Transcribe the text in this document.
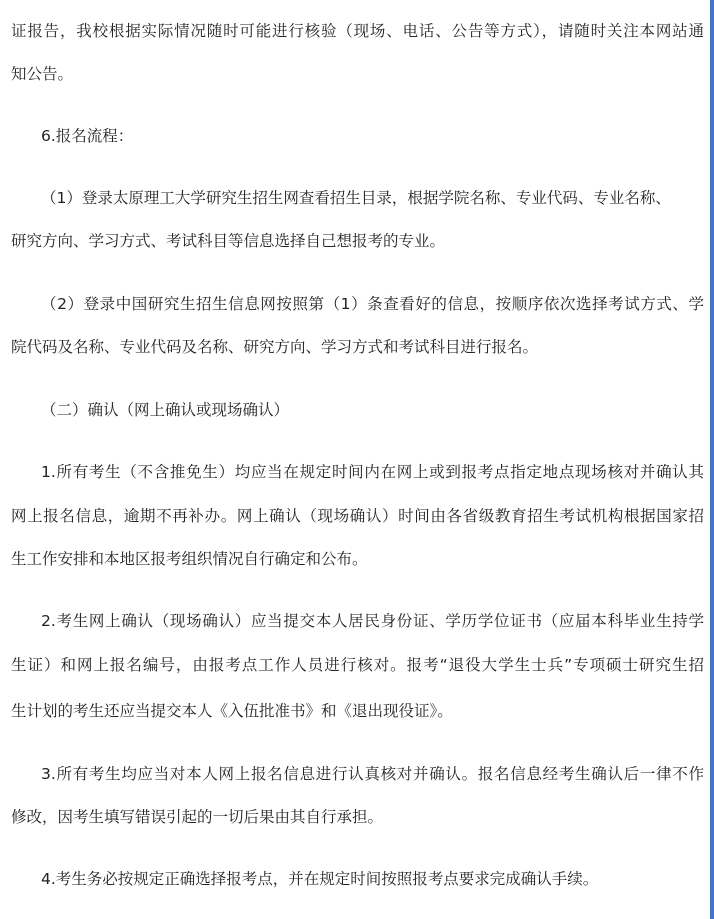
证报告，我校根据实际情况随时可能进行核验（现场、电话、公告等方式），请随时关注本网站通
知公告。
6.报名流程：
（1）登录太原理工大学研究生招生网查看招生目录，根据学院名称、专业代码、专业名称、
研究方向、学习方式、考试科目等信息选择自己想报考的专业。
（2）登录中国研究生招生信息网按照第（1）条查看好的信息，按顺序依次选择考试方式、学
院代码及名称、专业代码及名称、研究方向、学习方式和考试科目进行报名。
（二）确认（网上确认或现场确认）
1.所有考生（不含推免生）均应当在规定时间内在网上或到报考点指定地点现场核对并确认其
网上报名信息，逾期不再补办。网上确认（现场确认）时间由各省级教育招生考试机构根据国家招
生工作安排和本地区报考组织情况自行确定和公布。
2.考生网上确认（现场确认）应当提交本人居民身份证、学历学位证书（应届本科毕业生持学
生证）和网上报名编号，由报考点工作人员进行核对。报考“退役大学生士兵”专项硕士研究生招
生计划的考生还应当提交本人《入伍批准书》和《退出现役证》。
3.所有考生均应当对本人网上报名信息进行认真核对并确认。报名信息经考生确认后一律不作
修改，因考生填写错误引起的一切后果由其自行承担。
4.考生务必按规定正确选择报考点，并在规定时间按照报考点要求完成确认手续。
